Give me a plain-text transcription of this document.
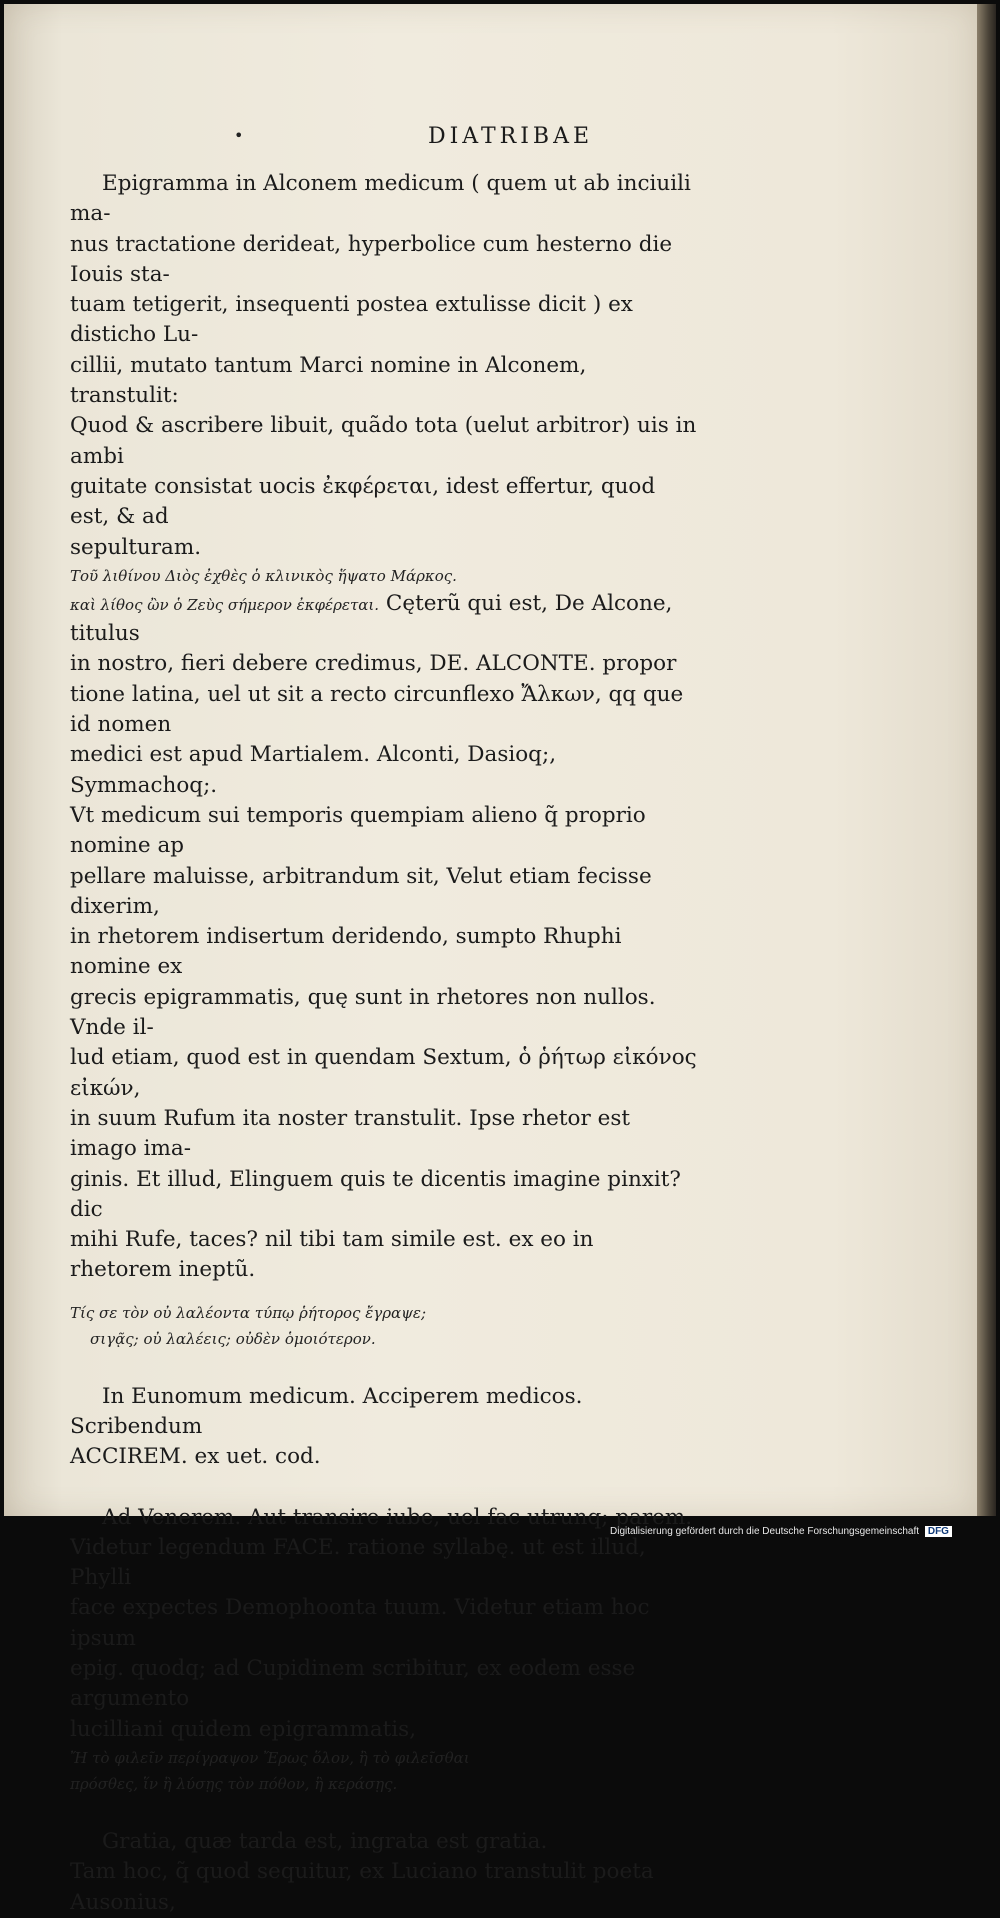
•	DIATRIBAE

Epigramma in Alconem medicum ( quem ut ab inciuili ma-

nus tractatione derideat, hyperbolice cum hesterno die Iouis sta-

tuam tetigerit, insequenti postea extulisse dicit ) ex disticho Lu-

cillii, mutato tantum Marci nomine in Alconem, transtulit:

Quod & ascribere libuit, quãdo tota (uelut arbitror) uis in ambi

guitate consistat uocis ἐκφέρεται, idest effertur, quod est, & ad

sepulturam.

Τοῦ λιθίνου Διὸς ἐχθὲς ὁ κλινικὸς ἥψατο Μάρκος.

καὶ λίθος ὢν ὁ Ζεὺς σήμερον ἐκφέρεται. Cęterũ qui est, De Alcone, titulus

in nostro, fieri debere credimus, DE. ALCONTE. propor

tione latina, uel ut sit a recto circunflexo Ἄλκων, qq que id nomen

medici est apud Martialem. Alconti, Dasioq;, Symmachoq;.

Vt medicum sui temporis quempiam alieno q̃ proprio nomine ap

pellare maluisse, arbitrandum sit, Velut etiam fecisse dixerim,

in rhetorem indisertum deridendo, sumpto Rhuphi nomine ex

grecis epigrammatis, quę sunt in rhetores non nullos. Vnde il-

lud etiam, quod est in quendam Sextum, ὁ ῥήτωρ εἰκόνος εἰκών,

in suum Rufum ita noster transtulit. Ipse rhetor est imago ima-

ginis. Et illud, Elinguem quis te dicentis imagine pinxit? dic

mihi Rufe, taces? nil tibi tam simile est. ex eo in rhetorem ineptũ.

Τίς σε τὸν οὐ λαλέοντα τύπῳ ῥήτορος ἔγραψε;

σιγᾷς; οὐ λαλέεις; οὐδὲν ὁμοιότερον.

In Eunomum medicum. Acciperem medicos. Scribendum

ACCIREM. ex uet. cod.

Ad Venerem. Aut transire iube, uel fac utrunq; parem.

Videtur legendum FACE. ratione syllabę. ut est illud, Phylli

face expectes Demophoonta tuum. Videtur etiam hoc ipsum

epig. quodq; ad Cupidinem scribitur, ex eodem esse argumento

lucilliani quidem epigrammatis,

Ἤ τὸ φιλεῖν περίγραψον Ἔρως ὅλον, ἢ τὸ φιλεῖσθαι

πρόσθες, ἵν ἢ λύσῃς τὸν πόθον, ἢ κεράσῃς.

Gratia, quæ tarda est, ingrata est gratia.

Tam hoc, q̃ quod sequitur, ex Luciano transtulit poeta Ausonius,

Digitalisierung gefördert durch die Deutsche Forschungsgemeinschaft DFG
